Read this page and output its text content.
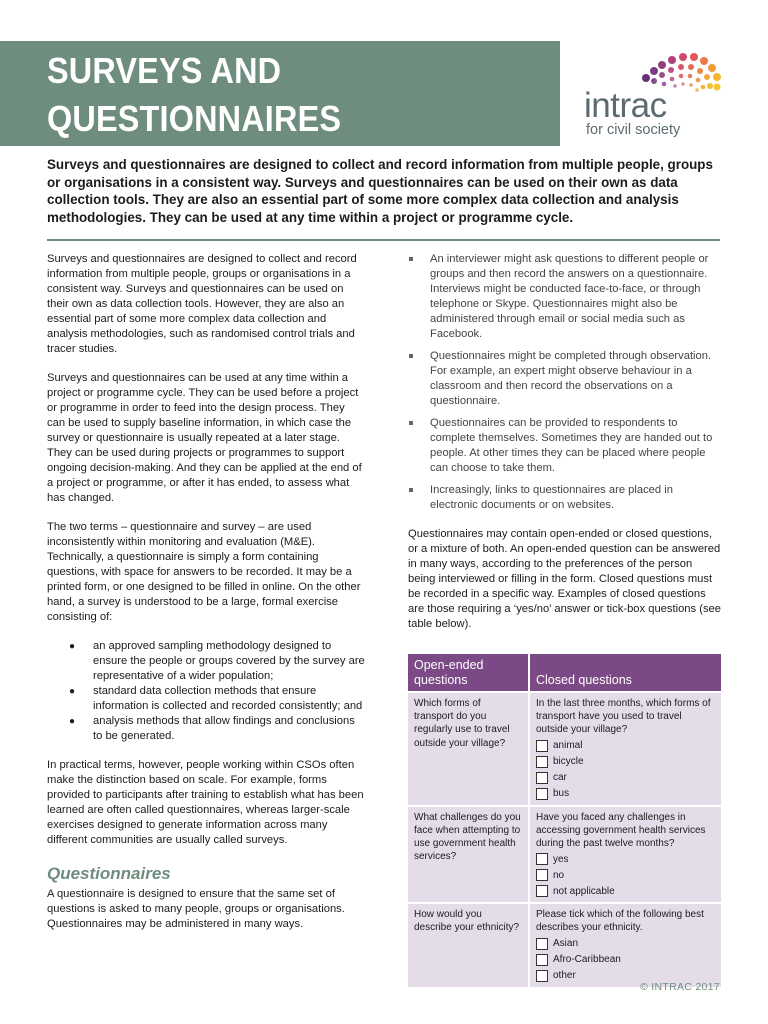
SURVEYS AND
QUESTIONNAIRES	intrac
for civil society
Surveys and questionnaires are designed to collect and record information from multiple people, groups or organisations in a consistent way. Surveys and questionnaires can be used on their own as data collection tools. They are also an essential part of some more complex data collection and analysis methodologies. They can be used at any time within a project or programme cycle.

Surveys and questionnaires are designed to collect and record information from multiple people, groups or organisations in a consistent way. Surveys and questionnaires can be used on their own as data collection tools. However, they are also an essential part of some more complex data collection and analysis methodologies, such as randomised control trials and tracer studies.

Surveys and questionnaires can be used at any time within a project or programme cycle. They can be used before a project or programme in order to feed into the design process. They can be used to supply baseline information, in which case the survey or questionnaire is usually repeated at a later stage. They can be used during projects or programmes to support ongoing decision-making. And they can be applied at the end of a project or programme, or after it has ended, to assess what has changed.

The two terms – questionnaire and survey – are used inconsistently within monitoring and evaluation (M&E). Technically, a questionnaire is simply a form containing questions, with space for answers to be recorded. It may be a printed form, or one designed to be filled in online. On the other hand, a survey is understood to be a large, formal exercise consisting of:

● an approved sampling methodology designed to ensure the people or groups covered by the survey are representative of a wider population;
● standard data collection methods that ensure information is collected and recorded consistently; and
● analysis methods that allow findings and conclusions to be generated.

In practical terms, however, people working within CSOs often make the distinction based on scale. For example, forms provided to participants after training to establish what has been learned are often called questionnaires, whereas larger-scale exercises designed to generate information across many different communities are usually called surveys.

Questionnaires

A questionnaire is designed to ensure that the same set of questions is asked to many people, groups or organisations. Questionnaires may be administered in many ways.

An interviewer might ask questions to different people or groups and then record the answers on a questionnaire. Interviews might be conducted face-to-face, or through telephone or Skype. Questionnaires might also be administered through email or social media such as Facebook.
Questionnaires might be completed through observation. For example, an expert might observe behaviour in a classroom and then record the observations on a questionnaire.
Questionnaires can be provided to respondents to complete themselves. Sometimes they are handed out to people. At other times they can be placed where people can choose to take them.
Increasingly, links to questionnaires are placed in electronic documents or on websites.

Questionnaires may contain open-ended or closed questions, or a mixture of both. An open-ended question can be answered in many ways, according to the preferences of the person being interviewed or filling in the form. Closed questions must be recorded in a specific way. Examples of closed questions are those requiring a ‘yes/no’ answer or tick-box questions (see table below).

Open-ended questions	Closed questions
Which forms of transport do you regularly use to travel outside your village?	In the last three months, which forms of transport have you used to travel outside your village?
animal
bicycle
car
bus

What challenges do you face when attempting to use government health services?	Have you faced any challenges in accessing government health services during the past twelve months?
yes
no
not applicable

How would you describe your ethnicity?	Please tick which of the following best describes your ethnicity.
Asian
Afro-Caribbean
other
© INTRAC 2017
